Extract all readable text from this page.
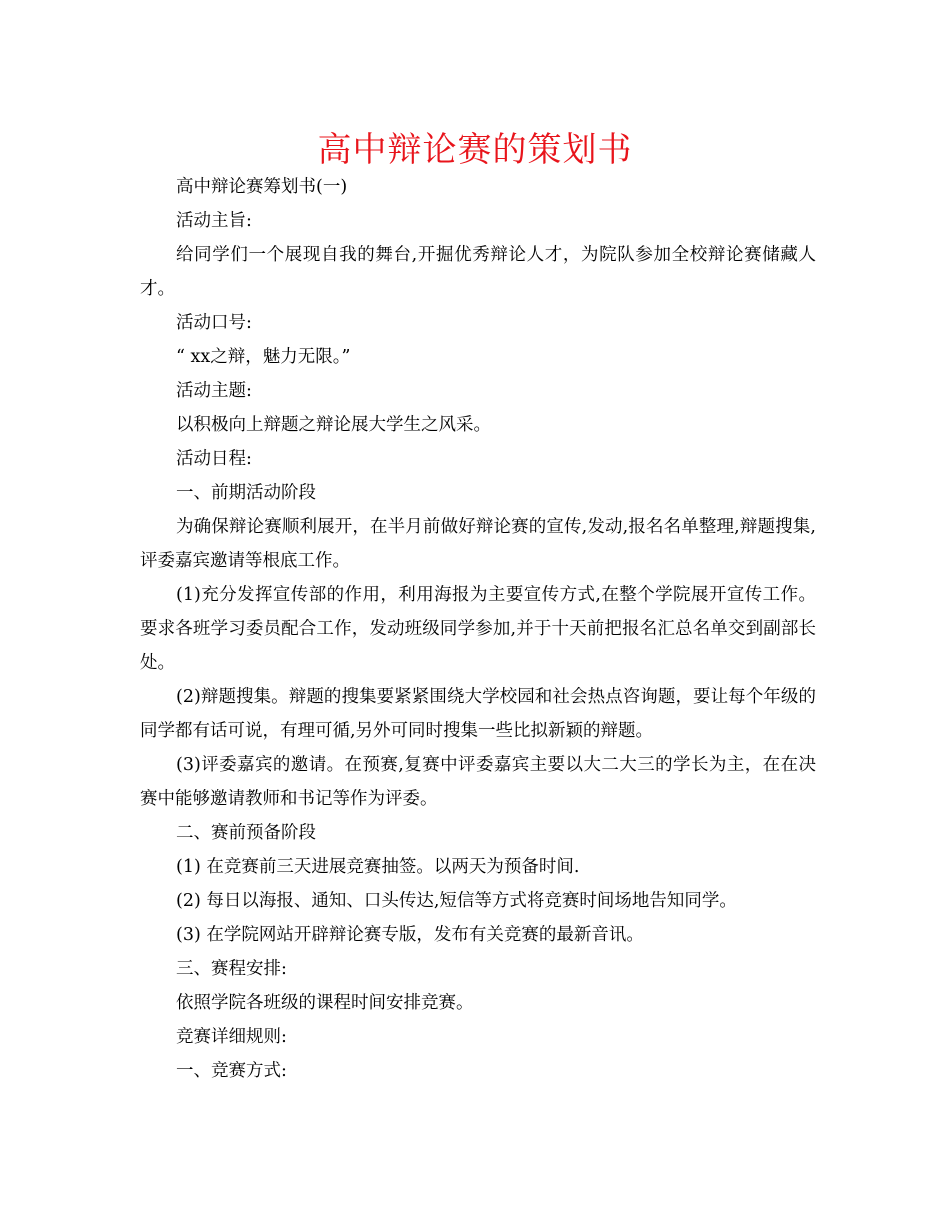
高中辩论赛的策划书

高中辩论赛筹划书(一)

活动主旨:

给同学们一个展现自我的舞台,开掘优秀辩论人才，为院队参加全校辩论赛储藏人才。

活动口号:

“ xx之辩，魅力无限。”

活动主题:

以积极向上辩题之辩论展大学生之风采。

活动日程:

一、前期活动阶段

为确保辩论赛顺利展开，在半月前做好辩论赛的宣传,发动,报名名单整理,辩题搜集,评委嘉宾邀请等根底工作。

(1)充分发挥宣传部的作用，利用海报为主要宣传方式,在整个学院展开宣传工作。要求各班学习委员配合工作，发动班级同学参加,并于十天前把报名汇总名单交到副部长处。

(2)辩题搜集。辩题的搜集要紧紧围绕大学校园和社会热点咨询题，要让每个年级的同学都有话可说，有理可循,另外可同时搜集一些比拟新颖的辩题。

(3)评委嘉宾的邀请。在预赛,复赛中评委嘉宾主要以大二大三的学长为主，在在决赛中能够邀请教师和书记等作为评委。

二、赛前预备阶段

(1) 在竞赛前三天进展竞赛抽签。以两天为预备时间.

(2) 每日以海报、通知、口头传达,短信等方式将竞赛时间场地告知同学。

(3) 在学院网站开辟辩论赛专版，发布有关竞赛的最新音讯。

三、赛程安排:

依照学院各班级的课程时间安排竞赛。

竞赛详细规则:

一、竞赛方式:
